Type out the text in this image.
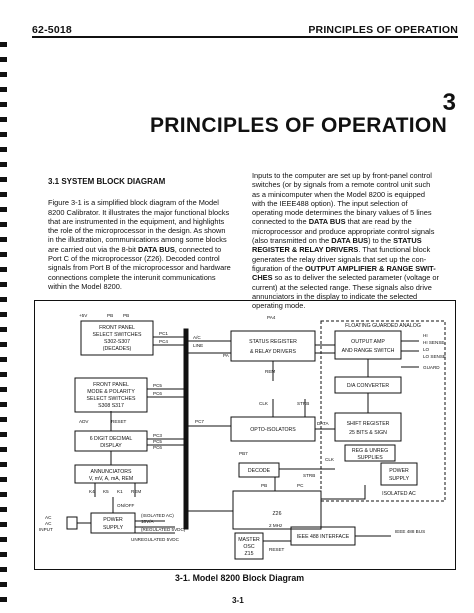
62-5018	PRINCIPLES OF OPERATION
3
PRINCIPLES OF OPERATION
3.1 SYSTEM BLOCK DIAGRAM

Figure 3-1 is a simplified block diagram of the Model
8200 Calibrator. It illustrates the major functional blocks
that are instrumented in the equipment, and highlights
the role of the microprocessor in the design. As shown
in the illustration, communications among some blocks
are carried out via the 8-bit DATA BUS, connected to
Port C of the microprocessor (Z26). Decoded control
signals from Port B of the microprocessor and hardware
connections complete the interunit communications
within the Model 8200.

Inputs to the computer are set up by front-panel control
switches (or by signals from a remote control unit such
as a minicomputer when the Model 8200 is equipped
with the IEEE488 option). The input selection of
operating mode determines the binary values of 5 lines
connected to the DATA BUS that are read by the
microprocessor and produce appropriate control signals
(also transmitted on the DATA BUS) to the STATUS
REGISTER & RELAY DRIVERS. That functional block
generates the relay driver signals that set up the con-
figuration of the OUTPUT AMPLIFIER & RANGE SWIT-
CHES so as to deliver the selected parameter (voltage or
current) at the selected range. These signals also drive
annunciators in the display to indicate the selected
operating mode.

FRONT PANEL
SELECT SWITCHES
S302-S307
(DECADES)
FRONT PANEL
MODE & POLARITY
SELECT SWITCHES
S308 S317
6 DIGIT DECIMAL
DISPLAY
ANNUNCIATORS
V, mV, A, mA, REM
POWER
SUPPLY
STATUS REGISTER
& RELAY DRIVERS
OPTO-ISOLATORS
DECODE
Z26
MASTER
OSC
Z15
IEEE 488 INTERFACE
FLOATING GUARDED ANALOG
OUTPUT AMP
AND RANGE SWITCH
D/A CONVERTER
SHIFT REGISTER
25 BITS & SIGN
REG & UNREG
SUPPLIES
POWER
SUPPLY
ISOLATED AC
+5V	PB PB
PC1
PC4
PC5
PC6
PC3
PC5
PC6
PC7
AC
A/C
LINE
PA4
PA
PB7
PB	PC
REM
ADV	RESET
CLK	STRB
DATA
CLK
STRB
K4 K5 K1 REM
ON/OFF
AC
INPUT
(ISOLATED AC)
18V/A
(REGULATED 5VDC)
UNREGULATED 5VDC
HI
HI SENSE
LO
LO SENSE
GUARD
IEEE 488 BUS
2 MHz
RESET
3-1. Model 8200 Block Diagram
3-1
